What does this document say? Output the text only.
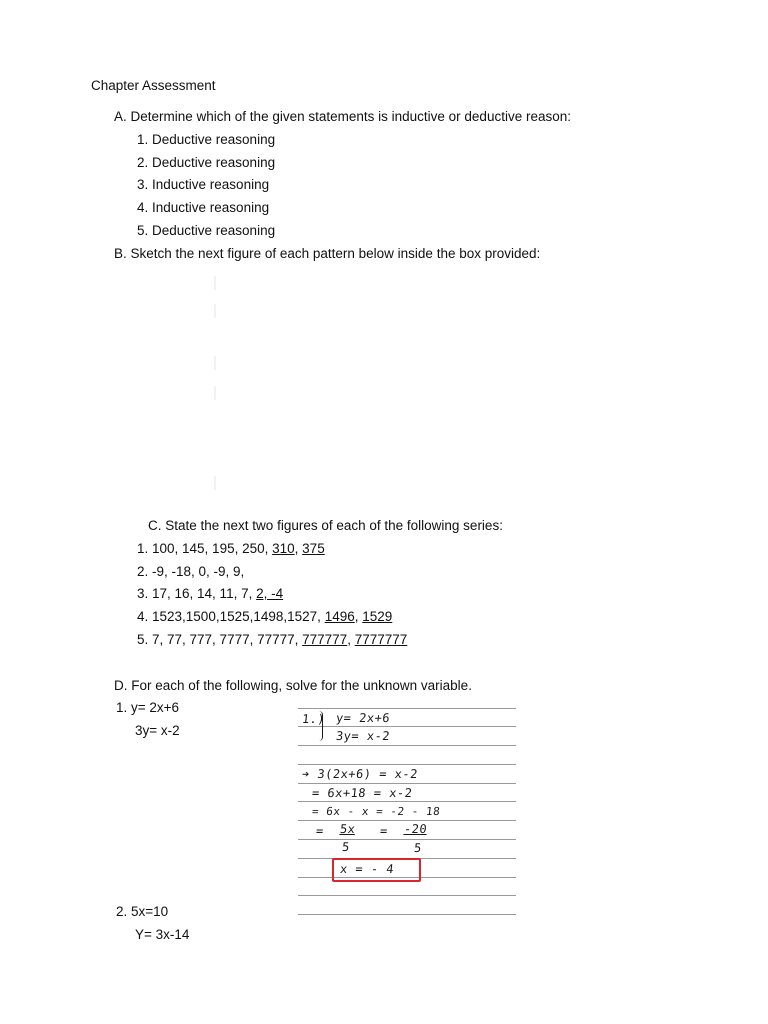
Chapter Assessment
A. Determine which of the given statements is inductive or deductive reason:
1. Deductive reasoning
2. Deductive reasoning
3. Inductive reasoning
4. Inductive reasoning
5. Deductive reasoning
B. Sketch the next figure of each pattern below inside the box provided:
C. State the next two figures of each of the following series:
1. 100, 145, 195, 250, 310, 375
2. -9, -18, 0, -9, 9,
3. 17, 16, 14, 11, 7, 2, -4
4. 1523,1500,1525,1498,1527, 1496, 1529
5. 7, 77, 777, 7777, 77777, 777777, 7777777
D. For each of the following, solve for the unknown variable.
1. y= 2x+6
3y= x-2
2. 5x=10
Y= 3x-14
1.) y= 2x+6
3y= x-2
➔ 3(2x+6) = x-2
= 6x+18 = x-2
= 6x - x = -2 - 18
= 5x
5
= -20
5
x = - 4
